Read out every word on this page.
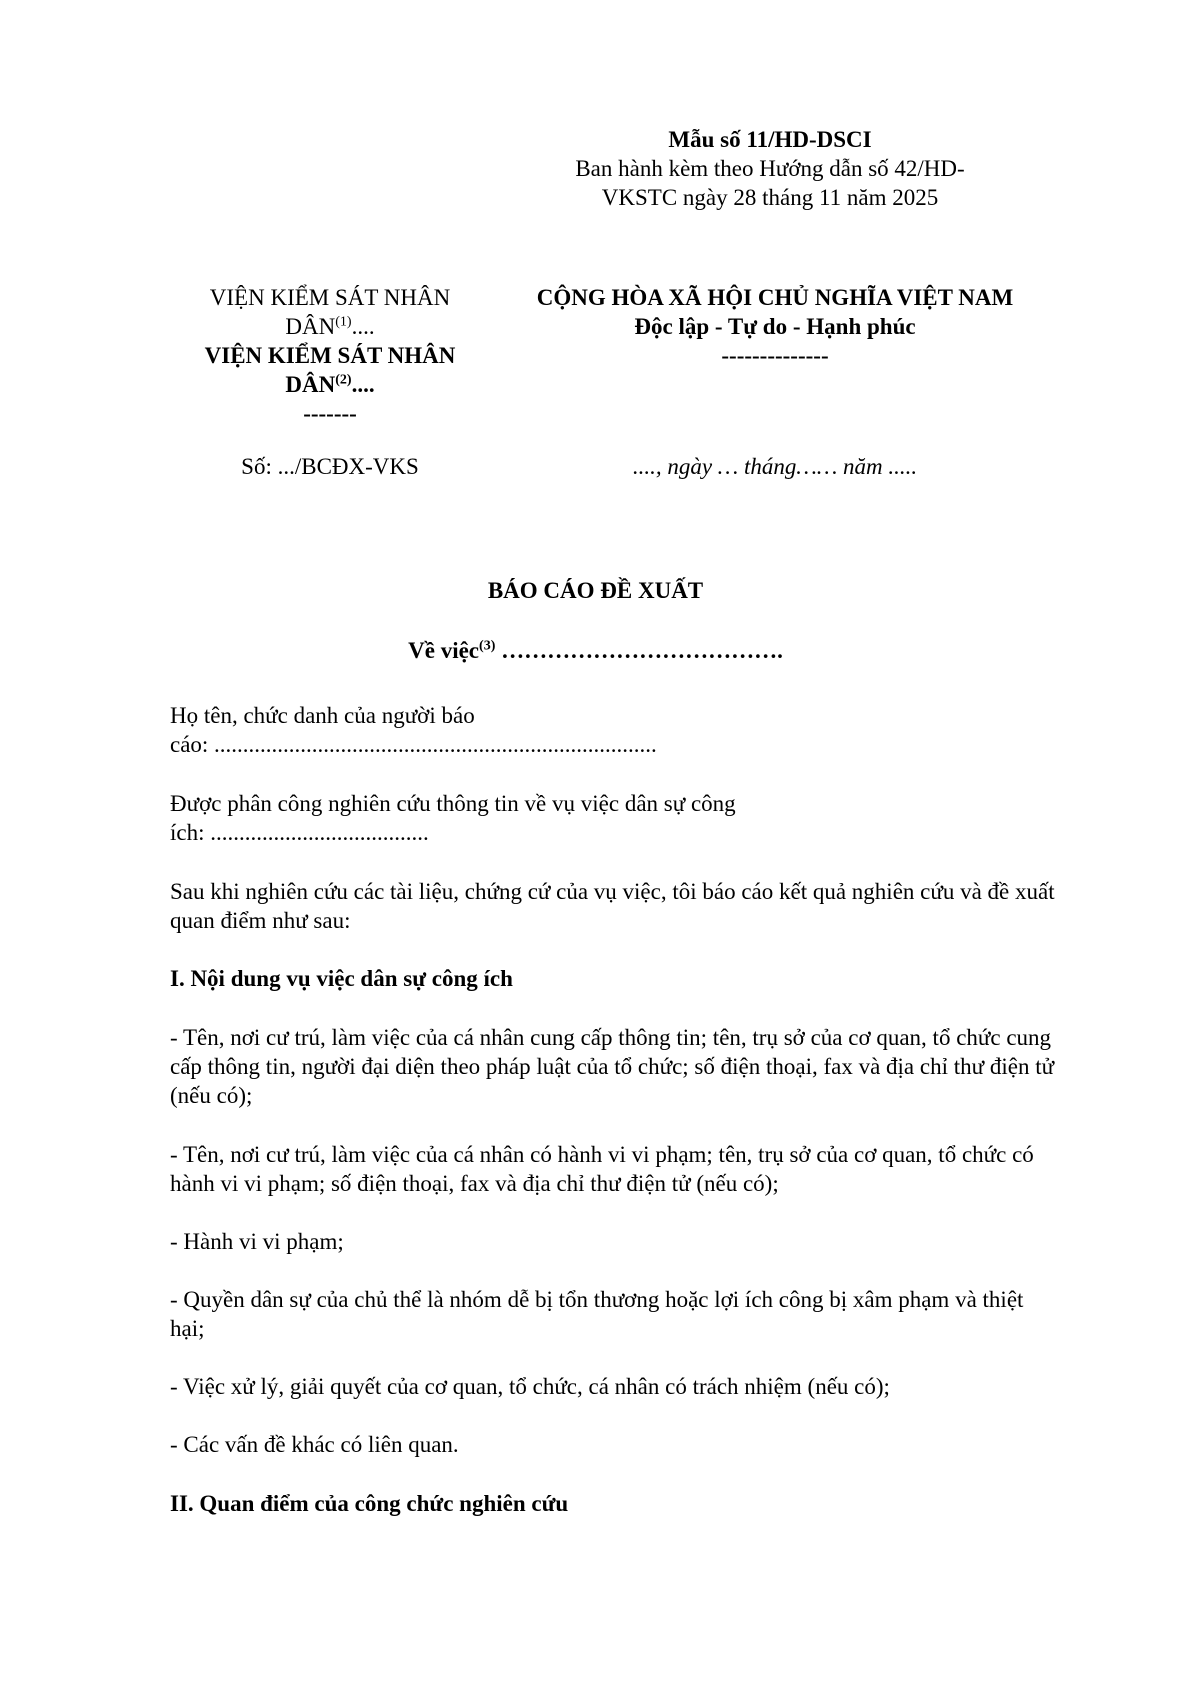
Mẫu số 11/HD-DSCI
Ban hành kèm theo Hướng dẫn số 42/HD-
VKSTC ngày 28 tháng 11 năm 2025
VIỆN KIỂM SÁT NHÂN
DÂN$^{(1)}$....
VIỆN KIỂM SÁT NHÂN
DÂN$^{(2)}$....
-------
CỘNG HÒA XÃ HỘI CHỦ NGHĨA VIỆT NAM
Độc lập - Tự do - Hạnh phúc
--------------
Số: .../BCĐX-VKS	...., ngày … tháng…… năm .....
BÁO CÁO ĐỀ XUẤT
Về việc$^{(3)}$ ……………………………….
Họ tên, chức danh của người báo
cáo: .............................................................................
Được phân công nghiên cứu thông tin về vụ việc dân sự công
ích: ......................................
Sau khi nghiên cứu các tài liệu, chứng cứ của vụ việc, tôi báo cáo kết quả nghiên cứu và đề xuất quan điểm như sau:
I. Nội dung vụ việc dân sự công ích
- Tên, nơi cư trú, làm việc của cá nhân cung cấp thông tin; tên, trụ sở của cơ quan, tổ chức cung cấp thông tin, người đại diện theo pháp luật của tổ chức; số điện thoại, fax và địa chỉ thư điện tử (nếu có);
- Tên, nơi cư trú, làm việc của cá nhân có hành vi vi phạm; tên, trụ sở của cơ quan, tổ chức có hành vi vi phạm; số điện thoại, fax và địa chỉ thư điện tử (nếu có);
- Hành vi vi phạm;
- Quyền dân sự của chủ thể là nhóm dễ bị tổn thương hoặc lợi ích công bị xâm phạm và thiệt hại;
- Việc xử lý, giải quyết của cơ quan, tổ chức, cá nhân có trách nhiệm (nếu có);
- Các vấn đề khác có liên quan.
II. Quan điểm của công chức nghiên cứu
